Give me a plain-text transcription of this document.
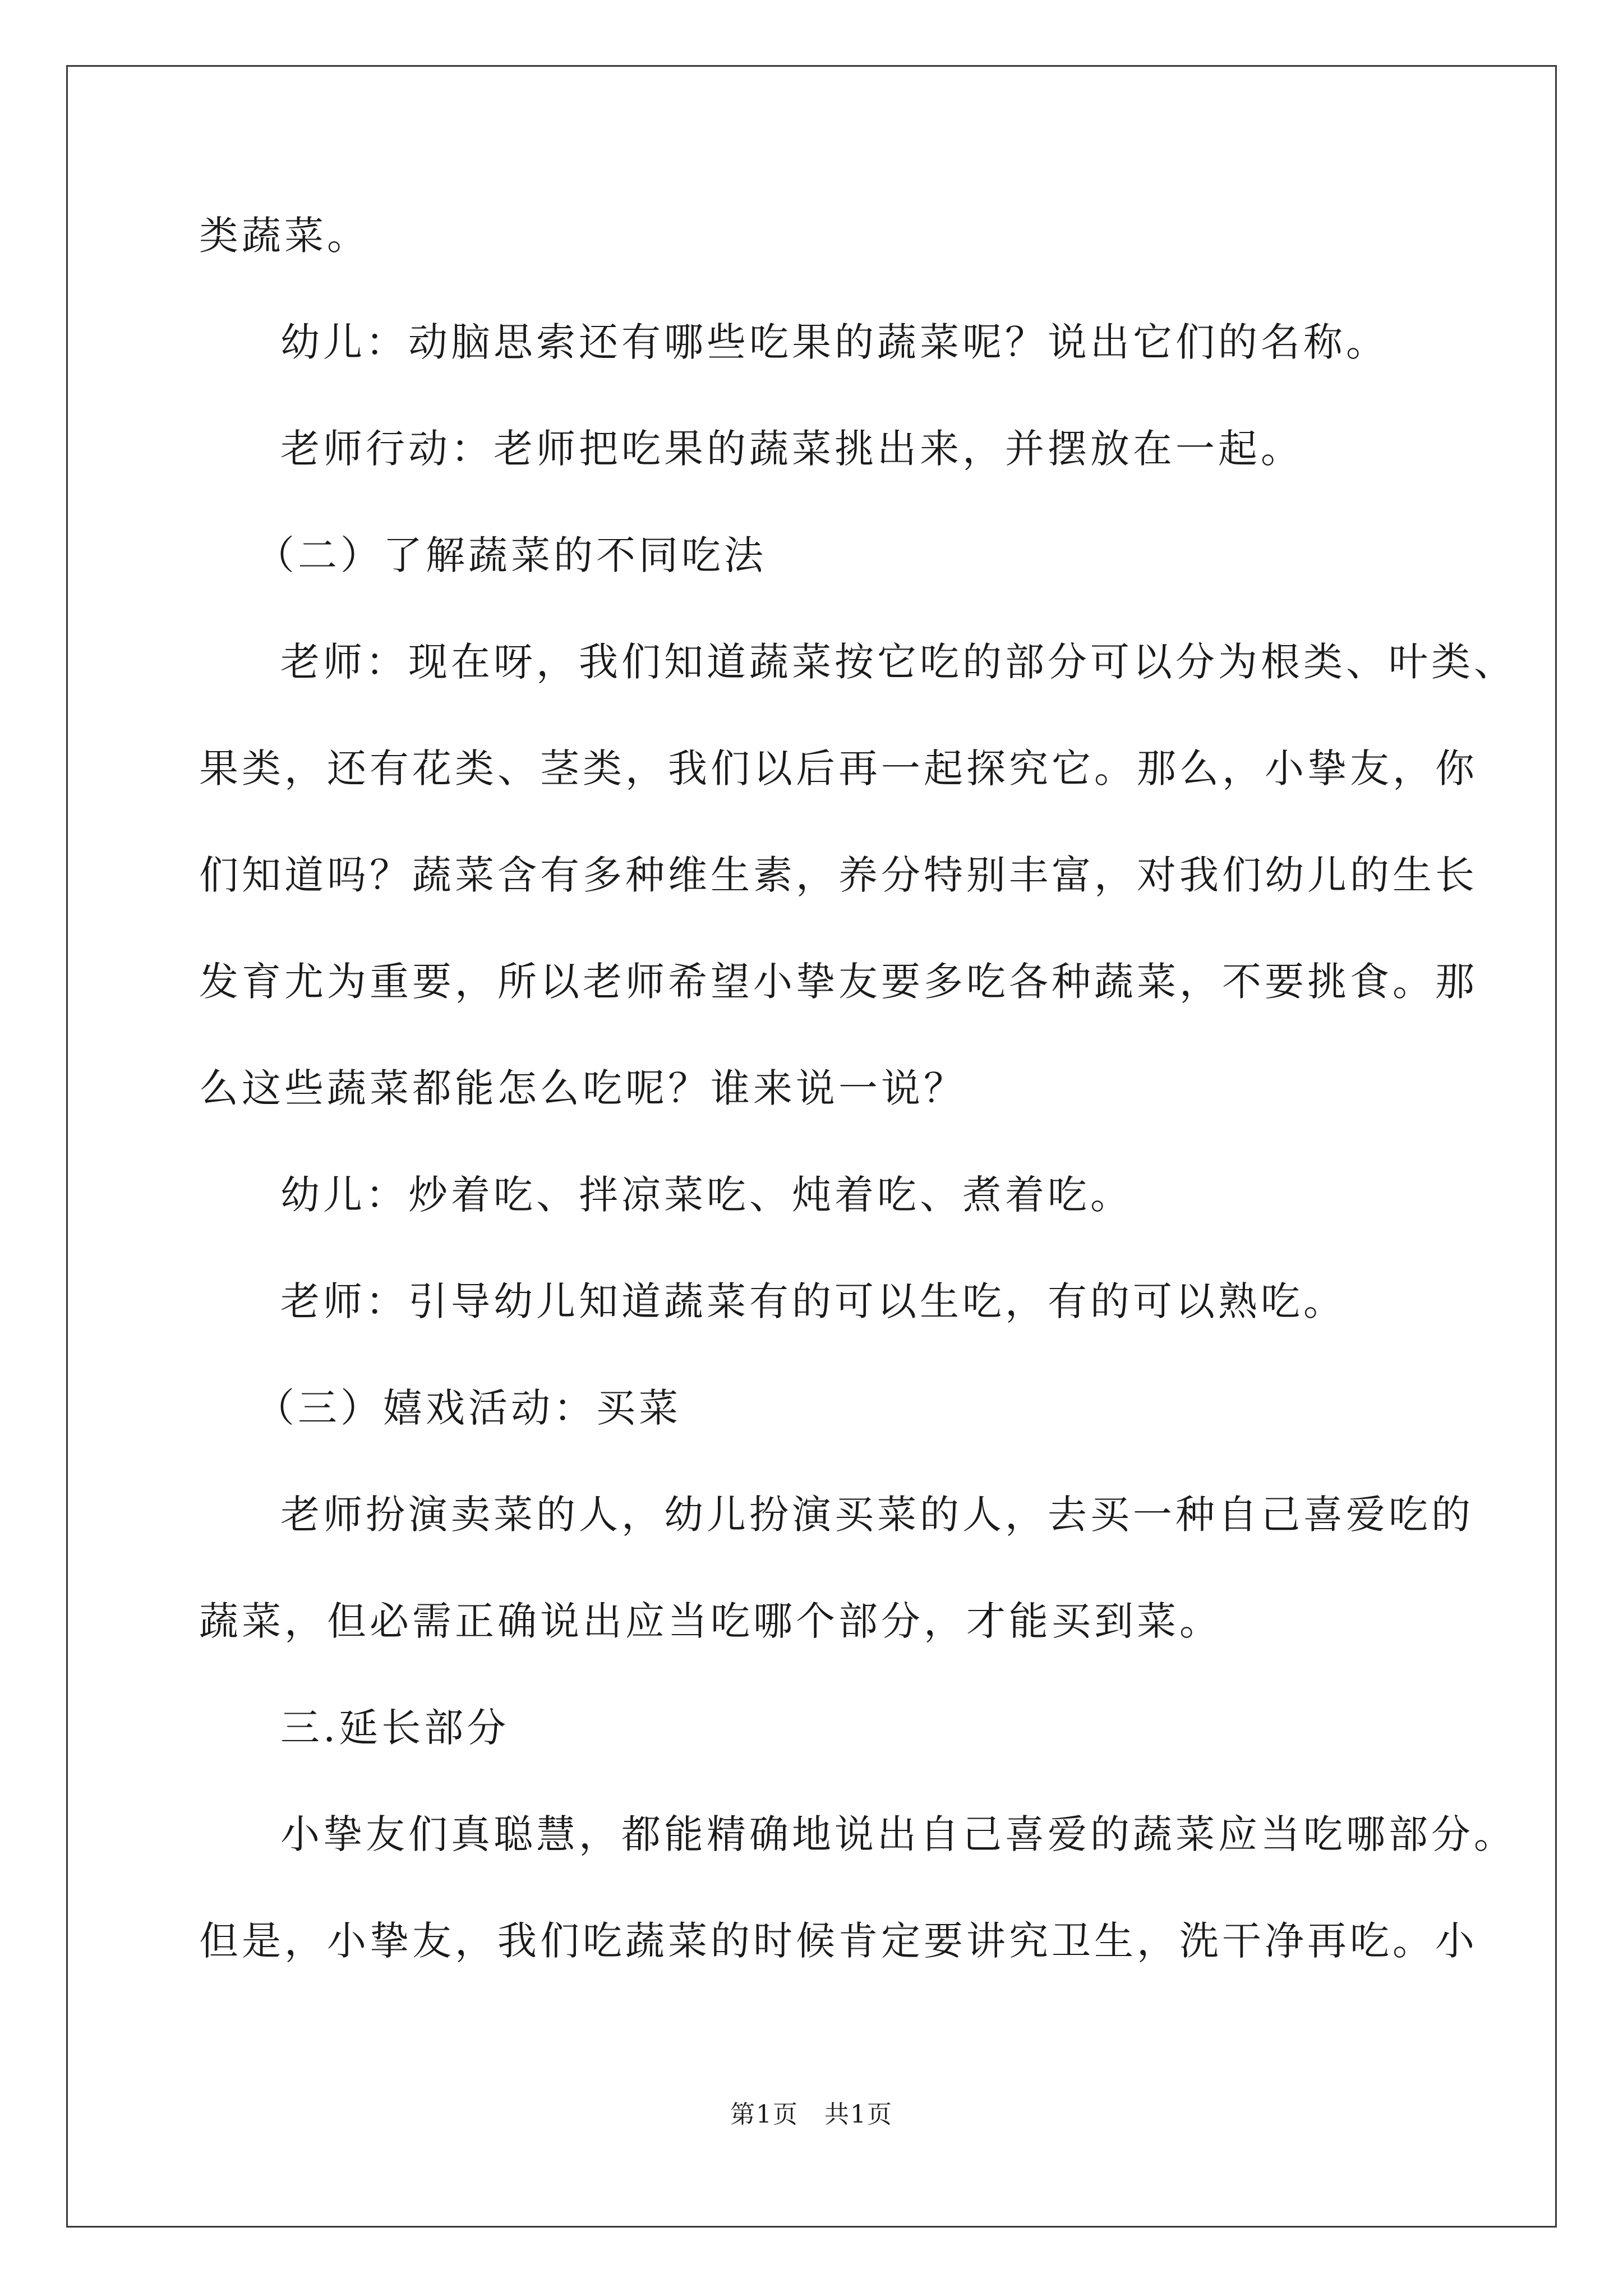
类蔬菜。
幼儿：动脑思索还有哪些吃果的蔬菜呢？说出它们的名称。
老师行动：老师把吃果的蔬菜挑出来，并摆放在一起。
（二）了解蔬菜的不同吃法
老师：现在呀，我们知道蔬菜按它吃的部分可以分为根类、叶类、
果类，还有花类、茎类，我们以后再一起探究它。那么，小挚友，你
们知道吗？蔬菜含有多种维生素，养分特别丰富，对我们幼儿的生长
发育尤为重要，所以老师希望小挚友要多吃各种蔬菜，不要挑食。那
么这些蔬菜都能怎么吃呢？谁来说一说？
幼儿：炒着吃、拌凉菜吃、炖着吃、煮着吃。
老师：引导幼儿知道蔬菜有的可以生吃，有的可以熟吃。
（三）嬉戏活动：买菜
老师扮演卖菜的人，幼儿扮演买菜的人，去买一种自己喜爱吃的
蔬菜，但必需正确说出应当吃哪个部分，才能买到菜。
三.延长部分
小挚友们真聪慧，都能精确地说出自己喜爱的蔬菜应当吃哪部分。
但是，小挚友，我们吃蔬菜的时候肯定要讲究卫生，洗干净再吃。小
第1页　共1页
